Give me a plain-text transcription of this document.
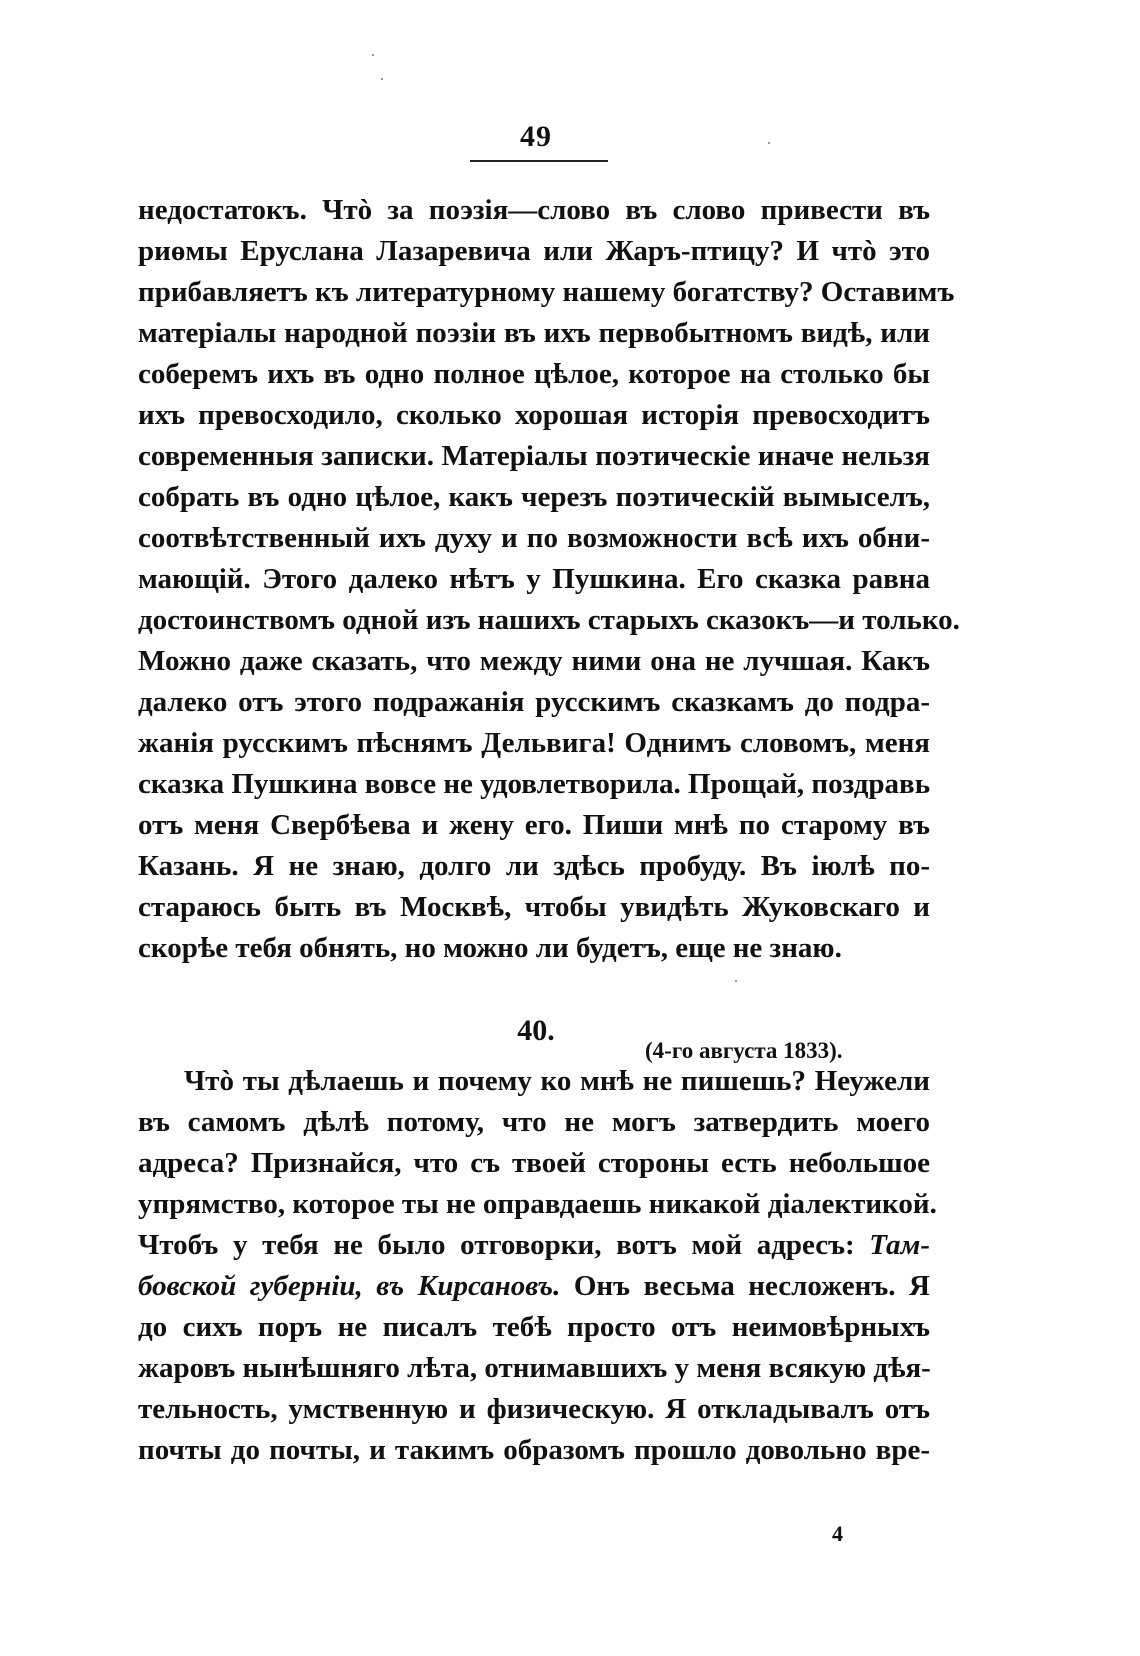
49
недостатокъ. Чтò за поэзія—слово въ слово привести въ
риөмы Еруслана Лазаревича или Жаръ-птицу? И чтò это
прибавляетъ къ литературному нашему богатству? Оставимъ
матеріалы народной поэзіи въ ихъ первобытномъ видѣ, или
соберемъ ихъ въ одно полное цѣлое, которое на столько бы
ихъ превосходило, сколько хорошая исторія превосходитъ
современныя записки. Матеріалы поэтическіе иначе нельзя
собрать въ одно цѣлое, какъ черезъ поэтическій вымыселъ,
соотвѣтственный ихъ духу и по возможности всѣ ихъ обни-
мающій. Этого далеко нѣтъ у Пушкина. Его сказка равна
достоинствомъ одной изъ нашихъ старыхъ сказокъ—и только.
Можно даже сказать, что между ними она не лучшая. Какъ
далеко отъ этого подражанія русскимъ сказкамъ до подра-
жанія русскимъ пѣснямъ Дельвига! Однимъ словомъ, меня
сказка Пушкина вовсе не удовлетворила. Прощай, поздравь
отъ меня Свербѣева и жену его. Пиши мнѣ по старому въ
Казань. Я не знаю, долго ли здѣсь пробуду. Въ іюлѣ по-
стараюсь быть въ Москвѣ, чтобы увидѣть Жуковскаго и
скорѣе тебя обнять, но можно ли будетъ, еще не знаю.
40.
(4-го августа 1833).
Чтò ты дѣлаешь и почему ко мнѣ не пишешь? Неужели
въ самомъ дѣлѣ потому, что не могъ затвердить моего
адреса? Признайся, что съ твоей стороны есть небольшое
упрямство, которое ты не оправдаешь никакой діалектикой.
Чтобъ у тебя не было отговорки, вотъ мой адресъ: Там-
бовской губерніи, въ Кирсановъ. Онъ весьма несложенъ. Я
до сихъ поръ не писалъ тебѣ просто отъ неимовѣрныхъ
жаровъ нынѣшняго лѣта, отнимавшихъ у меня всякую дѣя-
тельность, умственную и физическую. Я откладывалъ отъ
почты до почты, и такимъ образомъ прошло довольно вре-
4
